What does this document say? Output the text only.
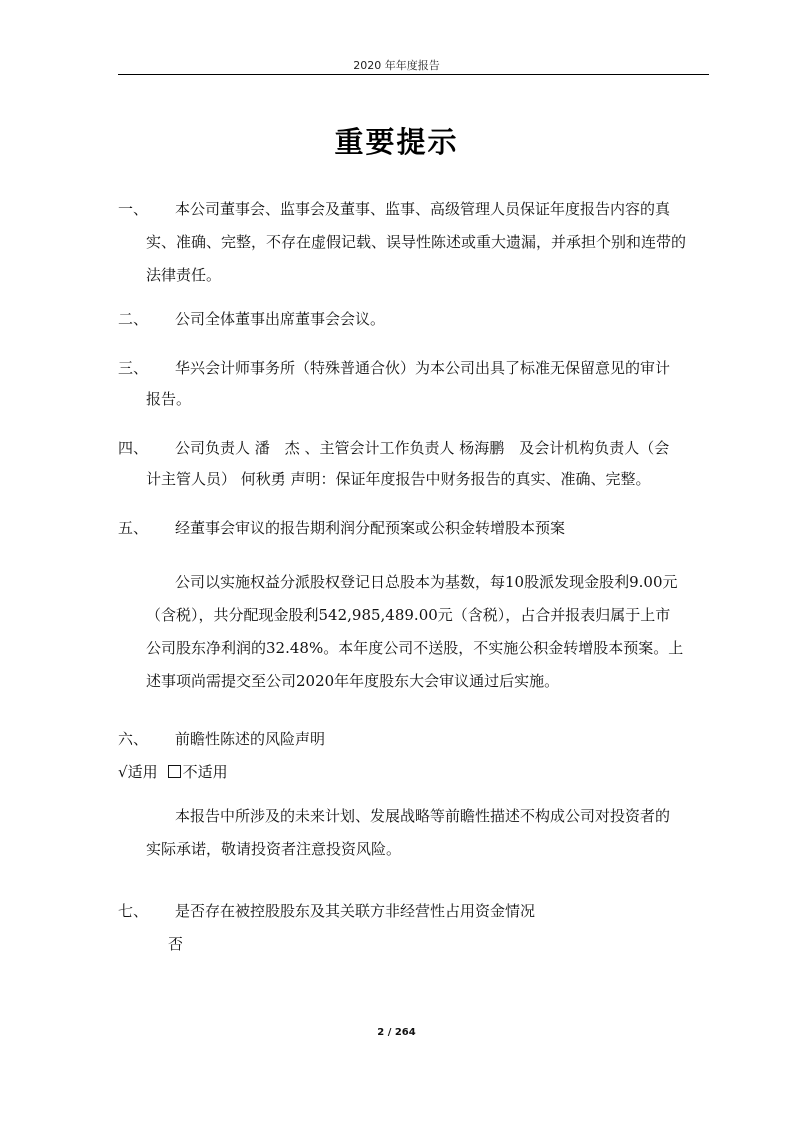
2020 年年度报告
重要提示
一、 本公司董事会、监事会及董事、监事、高级管理人员保证年度报告内容的真
实、准确、完整，不存在虚假记载、误导性陈述或重大遗漏，并承担个别和连带的
法律责任。
二、 公司全体董事出席董事会会议。
三、 华兴会计师事务所（特殊普通合伙）为本公司出具了标准无保留意见的审计
报告。
四、 公司负责人 潘　杰 、主管会计工作负责人 杨海鹏　及会计机构负责人（会
计主管人员） 何秋勇 声明：保证年度报告中财务报告的真实、准确、完整。
五、 经董事会审议的报告期利润分配预案或公积金转增股本预案
公司以实施权益分派股权登记日总股本为基数，每10股派发现金股利9.00元
（含税），共分配现金股利542,985,489.00元（含税），占合并报表归属于上市
公司股东净利润的32.48%。本年度公司不送股，不实施公积金转增股本预案。上
述事项尚需提交至公司2020年年度股东大会审议通过后实施。
六、 前瞻性陈述的风险声明
√适用 不适用
本报告中所涉及的未来计划、发展战略等前瞻性描述不构成公司对投资者的
实际承诺，敬请投资者注意投资风险。
七、 是否存在被控股股东及其关联方非经营性占用资金情况
否
2 / 264
